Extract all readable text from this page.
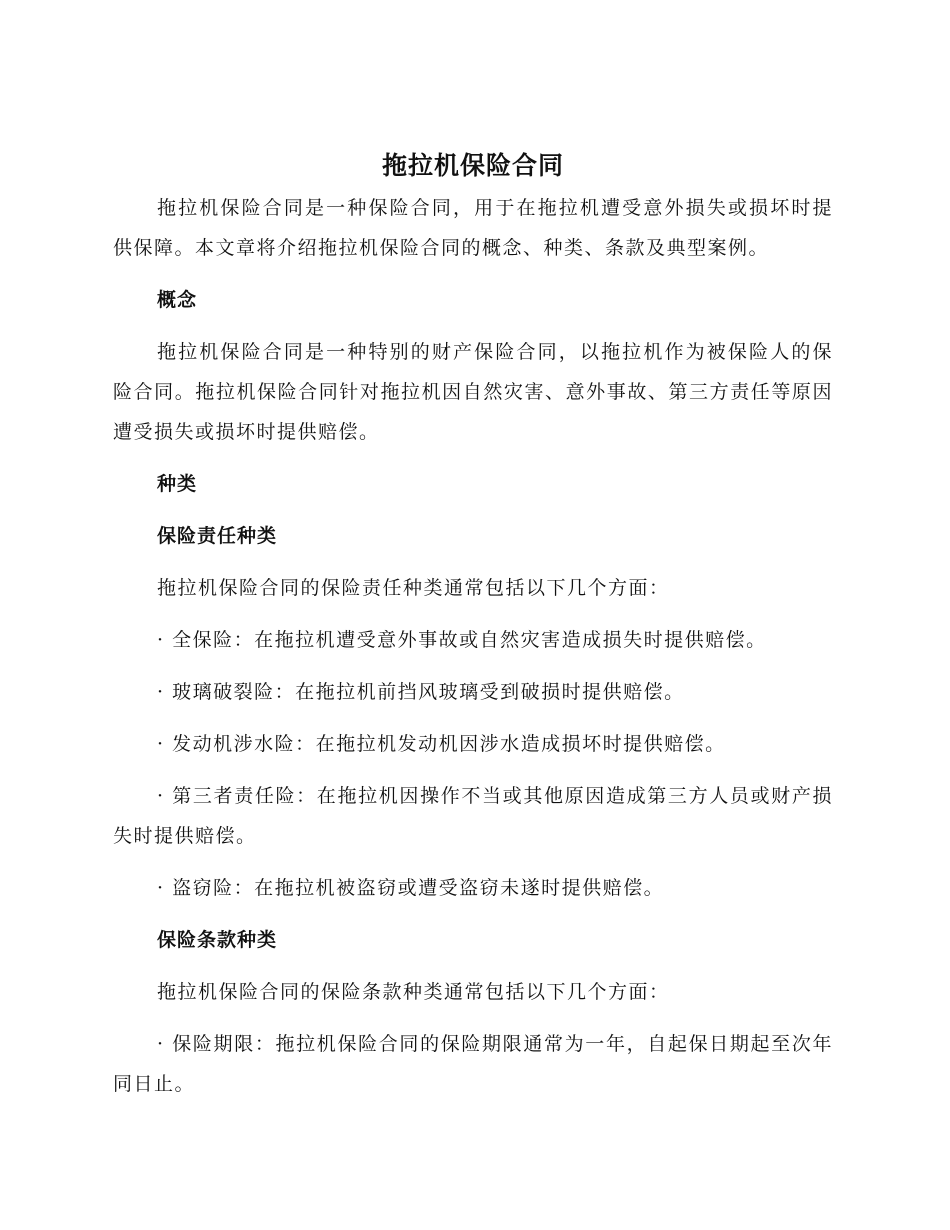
拖拉机保险合同

拖拉机保险合同是一种保险合同，用于在拖拉机遭受意外损失或损坏时提供保障。本文章将介绍拖拉机保险合同的概念、种类、条款及典型案例。

概念

拖拉机保险合同是一种特别的财产保险合同，以拖拉机作为被保险人的保险合同。拖拉机保险合同针对拖拉机因自然灾害、意外事故、第三方责任等原因遭受损失或损坏时提供赔偿。

种类
保险责任种类

拖拉机保险合同的保险责任种类通常包括以下几个方面：

· 全保险：在拖拉机遭受意外事故或自然灾害造成损失时提供赔偿。

· 玻璃破裂险：在拖拉机前挡风玻璃受到破损时提供赔偿。

· 发动机涉水险：在拖拉机发动机因涉水造成损坏时提供赔偿。

· 第三者责任险：在拖拉机因操作不当或其他原因造成第三方人员或财产损失时提供赔偿。

· 盗窃险：在拖拉机被盗窃或遭受盗窃未遂时提供赔偿。

保险条款种类

拖拉机保险合同的保险条款种类通常包括以下几个方面：

· 保险期限：拖拉机保险合同的保险期限通常为一年，自起保日期起至次年同日止。
